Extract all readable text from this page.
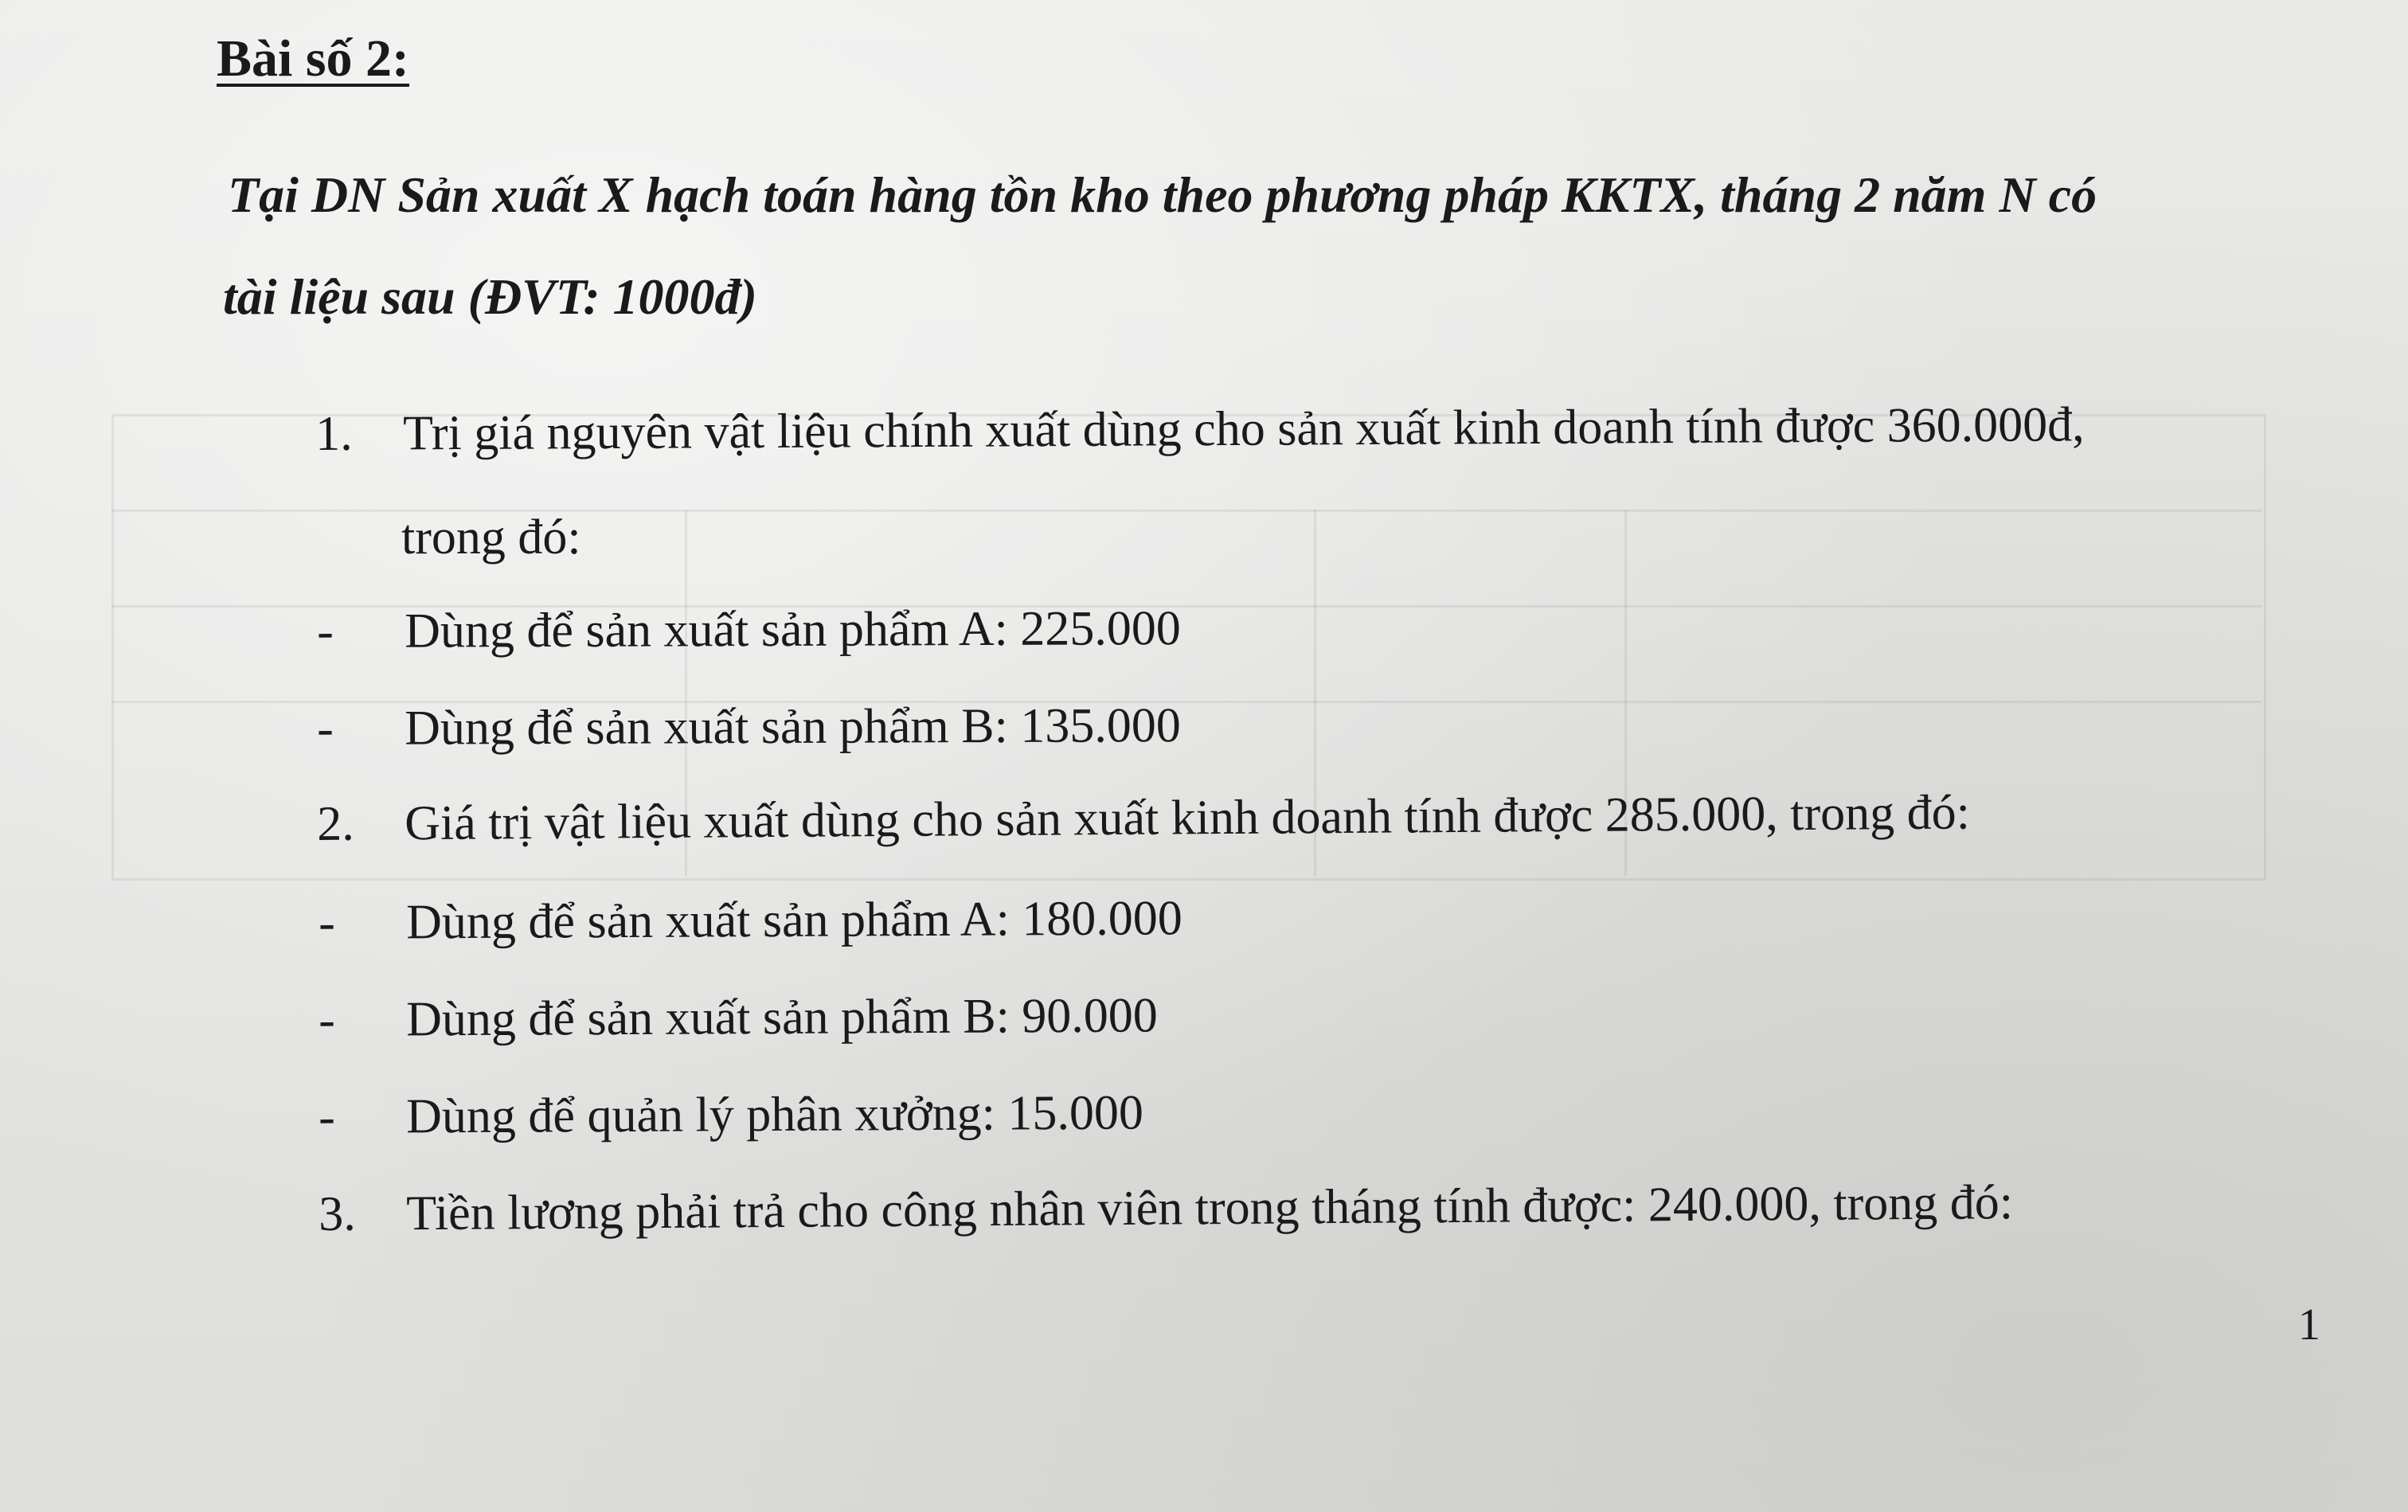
Bài số 2:
Tại DN Sản xuất X hạch toán hàng tồn kho theo phương pháp KKTX, tháng 2 năm N có
tài liệu sau (ĐVT: 1000đ)
1. Trị giá nguyên vật liệu chính xuất dùng cho sản xuất kinh doanh tính được 360.000đ,
trong đó:
- Dùng để sản xuất sản phẩm A: 225.000
- Dùng để sản xuất sản phẩm B: 135.000
2. Giá trị vật liệu xuất dùng cho sản xuất kinh doanh tính được 285.000, trong đó:
- Dùng để sản xuất sản phẩm A: 180.000
- Dùng để sản xuất sản phẩm B: 90.000
- Dùng để quản lý phân xưởng: 15.000
3. Tiền lương phải trả cho công nhân viên trong tháng tính được: 240.000, trong đó:
1
